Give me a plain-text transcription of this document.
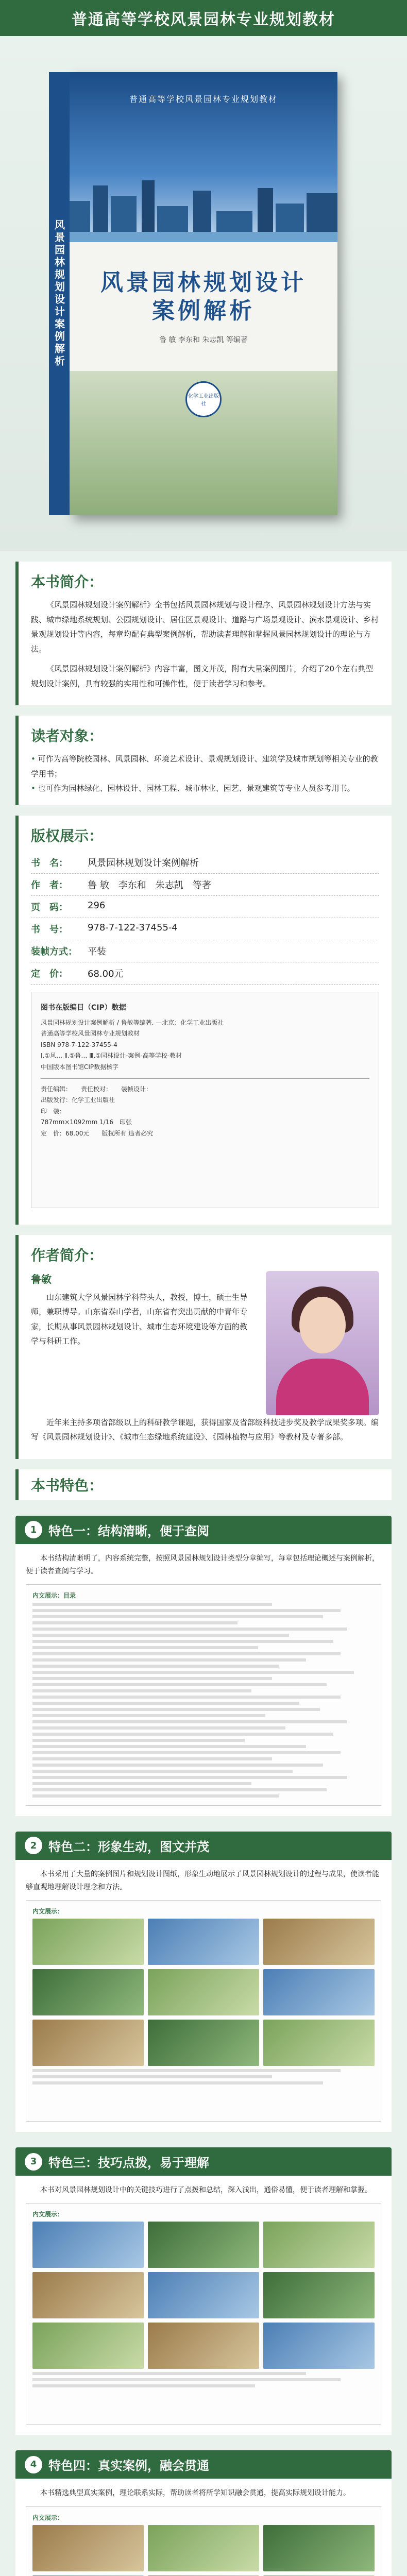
普通高等学校风景园林专业规划教材
风景园林规划设计案例解析
普通高等学校风景园林专业规划教材
风景园林规划设计
案例解析
鲁 敏 李东和 朱志凯 等编著
化学工业出版社
本书简介：

《风景园林规划设计案例解析》全书包括风景园林规划与设计程序、风景园林规划设计方法与实践、城市绿地系统规划、公园规划设计、居住区景观设计、道路与广场景观设计、滨水景观设计、乡村景观规划设计等内容，每章均配有典型案例解析，帮助读者理解和掌握风景园林规划设计的理论与方法。

《风景园林规划设计案例解析》内容丰富，图文并茂，附有大量案例图片，介绍了20个左右典型规划设计案例，具有较强的实用性和可操作性，便于读者学习和参考。

读者对象：
• 可作为高等院校园林、风景园林、环境艺术设计、景观规划设计、建筑学及城市规划等相关专业的教学用书；
• 也可作为园林绿化、园林设计、园林工程、城市林业、园艺、景观建筑等专业人员参考用书。
版权展示：
书　名：	风景园林规划设计案例解析
作　者：	鲁 敏　李东和　朱志凯　等著
页　码：	296
书　号：	978-7-122-37455-4
装帧方式：	平装
定　价：	68.00元
图书在版编目（CIP）数据
风景园林规划设计案例解析 / 鲁敏等编著. —北京：化学工业出版社
普通高等学校风景园林专业规划教材
ISBN 978-7-122-37455-4
Ⅰ.①风… Ⅱ.①鲁… Ⅲ.①园林设计-案例-高等学校-教材
中国版本图书馆CIP数据核字
责任编辑：　　责任校对：　　装帧设计：
出版发行：化学工业出版社
印　装：
787mm×1092mm 1/16　印张
定　价：68.00元　　版权所有 违者必究
作者简介：
鲁敏

山东建筑大学风景园林学科带头人，教授，博士，硕士生导师，兼职博导。山东省泰山学者，山东省有突出贡献的中青年专家，长期从事风景园林规划设计、城市生态环境建设等方面的教学与科研工作。

近年来主持多项省部级以上的科研教学课题，获得国家及省部级科技进步奖及教学成果奖多项。编写《风景园林规划设计》、《城市生态绿地系统建设》、《园林植物与应用》等教材及专著多部。

本书特色：
1 特色一：结构清晰，便于查阅

本书结构清晰明了，内容系统完整，按照风景园林规划设计类型分章编写，每章包括理论概述与案例解析，便于读者查阅与学习。

内文展示：目录
2 特色二：形象生动，图文并茂

本书采用了大量的案例图片和规划设计图纸，形象生动地展示了风景园林规划设计的过程与成果，使读者能够直观地理解设计理念和方法。

内文展示：
3 特色三：技巧点拨，易于理解

本书对风景园林规划设计中的关键技巧进行了点拨和总结，深入浅出，通俗易懂，便于读者理解和掌握。

内文展示：
4 特色四：真实案例，融会贯通

本书精选典型真实案例，理论联系实际，帮助读者将所学知识融会贯通，提高实际规划设计能力。

内文展示：
